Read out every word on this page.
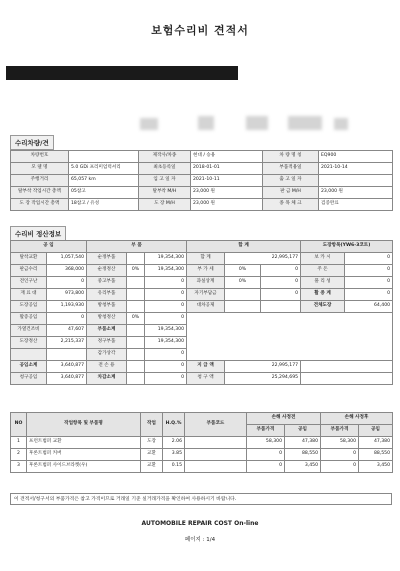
보험수리비 견적서
수리차량/견
차량번호		제작사/차종	현대 / 승용	차 량 명 칭	EQ900
모 델 명	5.0 GDi 프리미엄럭셔리	최초등록일	2018-01-01	부품적용일	2021-10-14
주행거리	65,057 km	입 고 일 자	2021-10-11	출 고 일 자	
탈부착 작업시간 총액	05참고	탈부착 M/H	23,000 원	판 금 M/H	23,000 원
도 장 작업시간 총액	18참고 / 유성	도 장 M/H	23,000 원	종 목 체 크	검증완료
수리비 정산정보
공 임		부 품			합 계			도장항목(YW6-3코트)	
탈착교환	1,057,540	순정부품		19,354,300	합 계	22,995,177		보 카 시	0
판금수리	368,000	순정정산	0%	19,354,300	부 가 세	0%	0	주 돈	0
견인구난	0	중고부품		0	과실상계	0%	0	풀 리 성	0
재 료 대	973,800	유리부품		0	자기부담금		0	활 중 계	0
도장공임	1,193,930	방청부품		0	대차공제			견체도장	64,400
활증공임	0	방청정산	0%	0					
가열건조비	47,607	부품소계		19,354,300					
도장정산	2,215,337	정구부품		19,354,300					
		감가상각		0					
공임소계	3,640,877	전 손 용		0	지 급 액	22,995,177			
청구공임	3,640,877	차감소계		0	청 구 액	25,294,695			
NO	작업항목 및 부품명	작업	H.Q.%	부품코드	손해 사정전		손해 사정후	
					부품가격	공임	부품가격	공임
1	프런트범퍼 교환	도장	2.06		58,300	47,380	58,300	47,380
2	후론트범퍼 커버	교환	3.85		0	88,550	0	88,550
3	후론트범퍼 사이드브라켓(우)	교환	0.15		0	3,450	0	3,450
이 견적서/청구서의 부품가격은 참고 가격이므로 거래일 기준 실거래가격을 확인하여 사용하시기 바랍니다.
AUTOMOBILE REPAIR COST On-line
페이지 : 1/4
